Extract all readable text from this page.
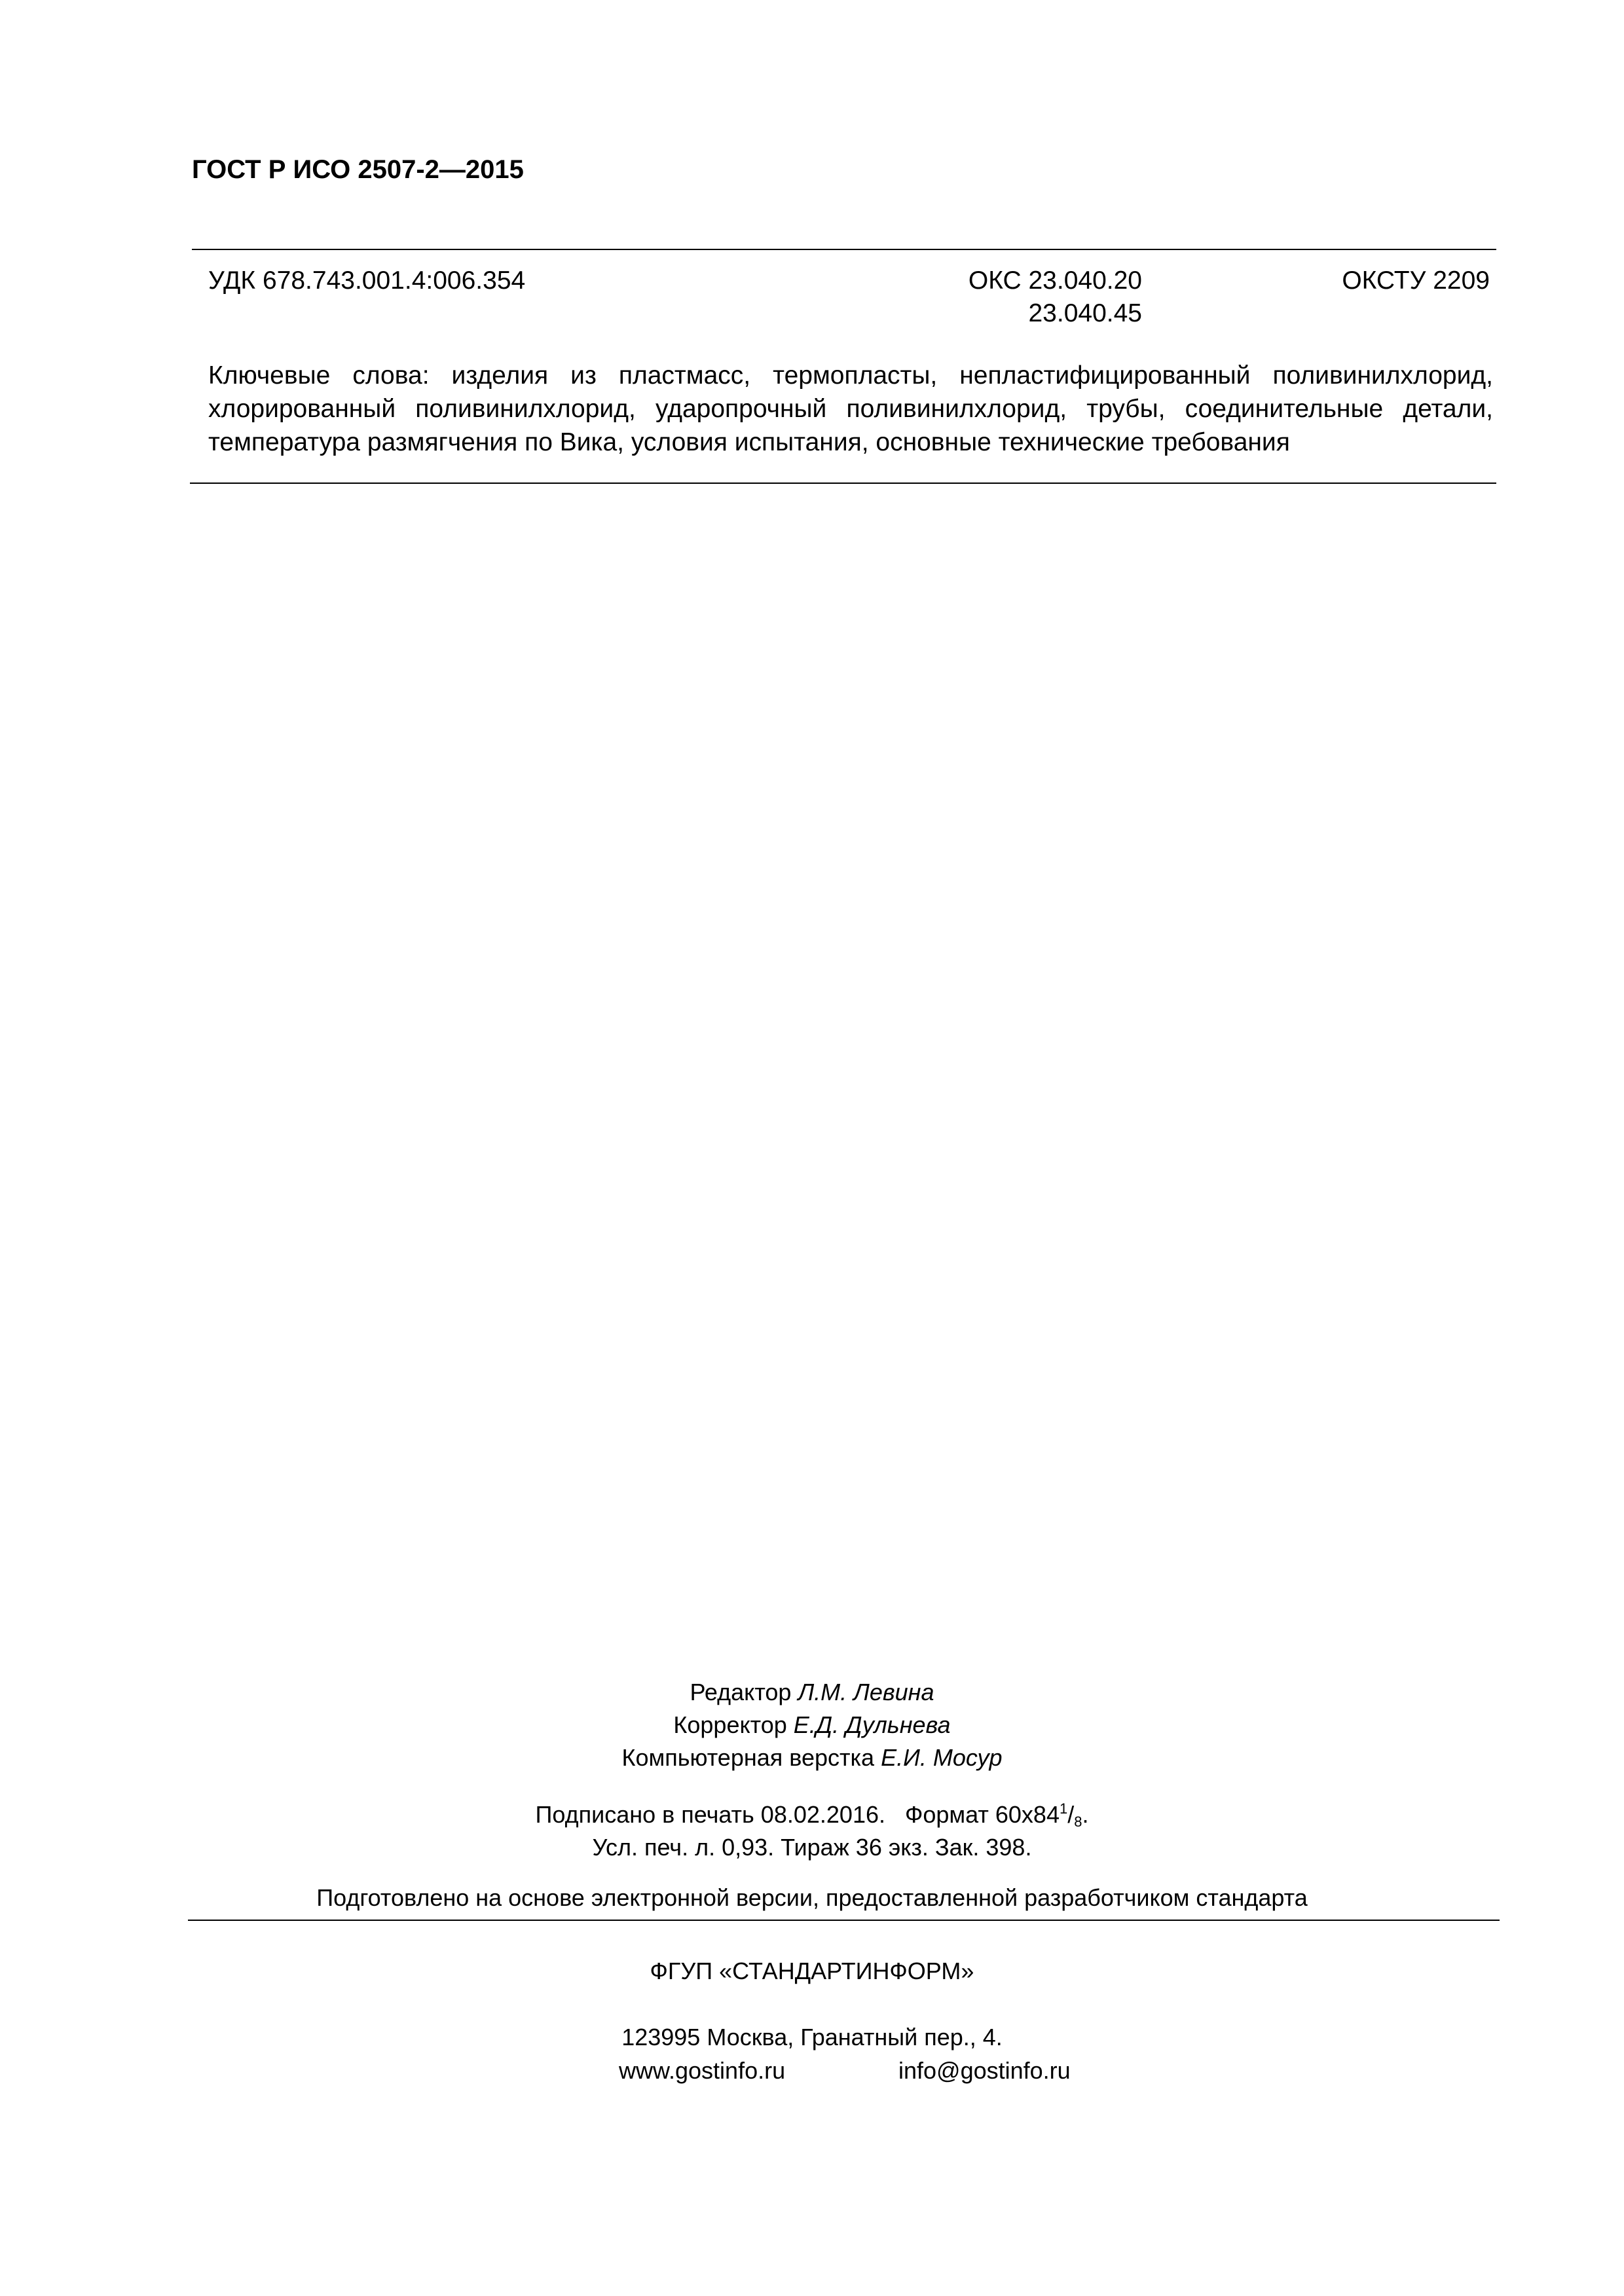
ГОСТ Р ИСО 2507-2—2015
УДК 678.743.001.4:006.354	ОКС 23.040.20
23.040.45
ОКСТУ 2209
Ключевые слова: изделия из пластмасс, термопласты, непластифицированный поливинилхлорид, хлорированный поливинилхлорид, ударопрочный поливинилхлорид, трубы, соединительные детали, температура размягчения по Вика, условия испытания, основные технические требования
Редактор Л.М. Левина
Корректор Е.Д. Дульнева
Компьютерная верстка Е.И. Мосур
Подписано в печать 08.02.2016. Формат $60x84^1/_8$.
Усл. печ. л. 0,93. Тираж 36 экз. Зак. 398.
Подготовлено на основе электронной версии, предоставленной разработчиком стандарта
ФГУП «СТАНДАРТИНФОРМ»
123995 Москва, Гранатный пер., 4.
www.gostinfo.ru	info@gostinfo.ru
